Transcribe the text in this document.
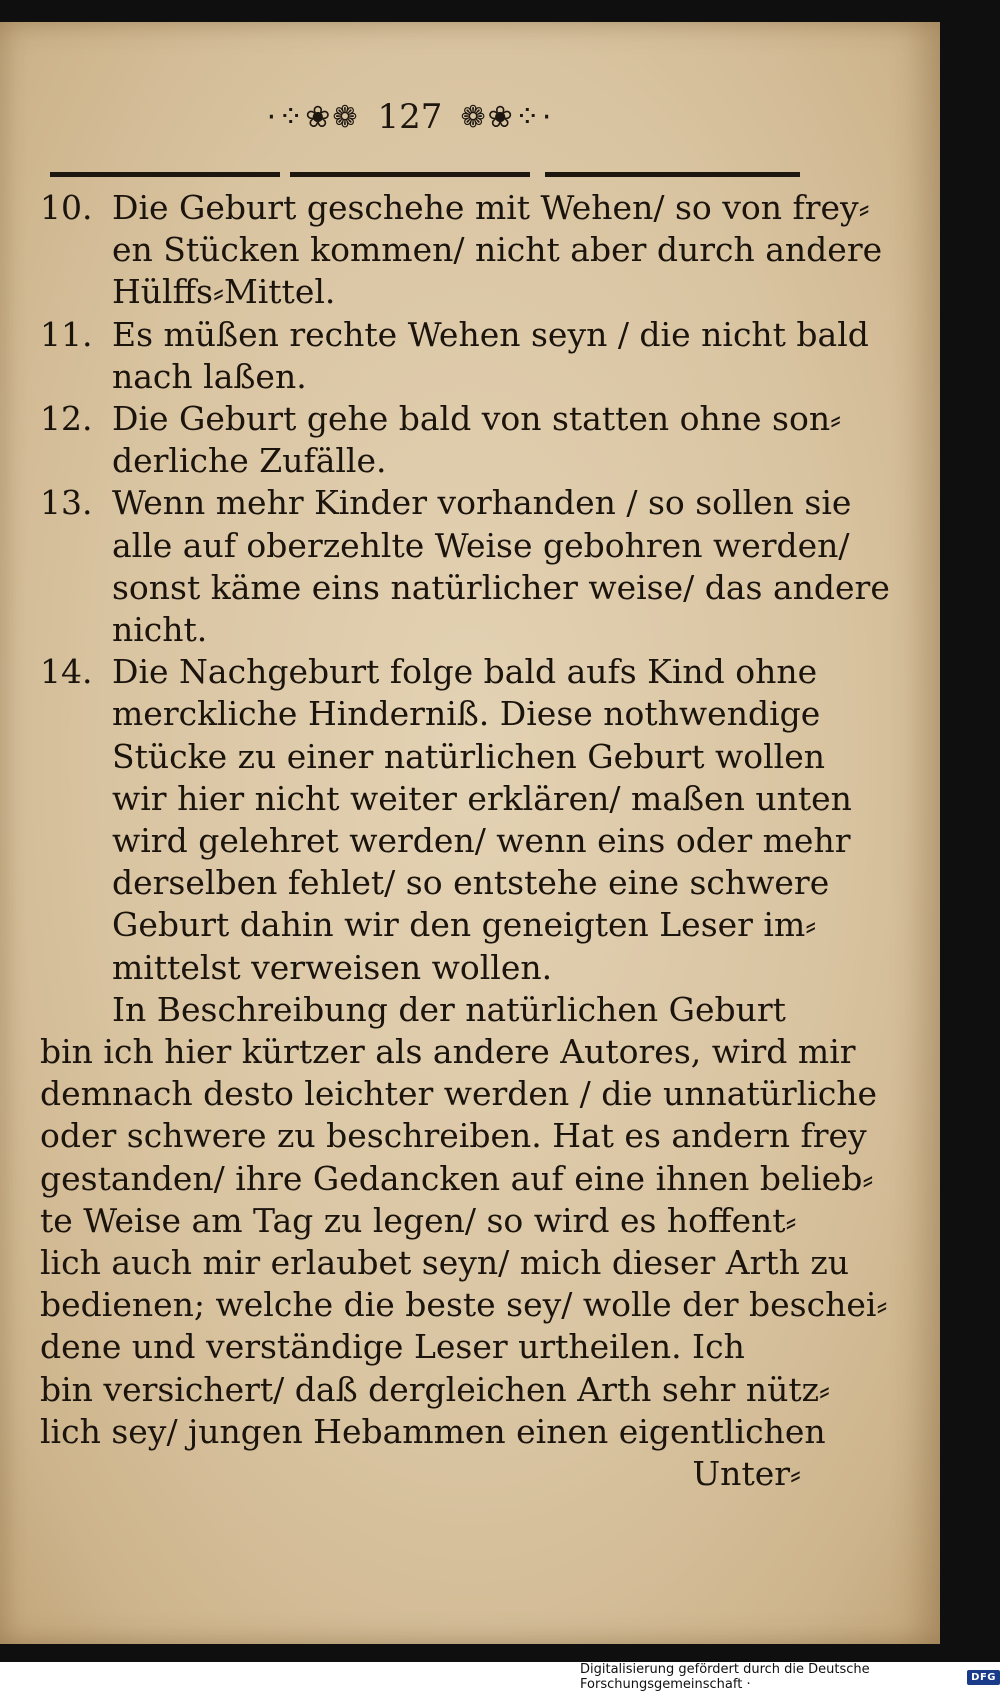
·⁘❀❁ 127 ❁❀⁘·
10. Die Geburt geschehe mit Wehen/ so von frey⸗
en Stücken kommen/ nicht aber durch andere
Hülffs⸗Mittel.
11. Es müßen rechte Wehen seyn / die nicht bald
nach laßen.
12. Die Geburt gehe bald von statten ohne son⸗
derliche Zufälle.
13. Wenn mehr Kinder vorhanden / so sollen sie
alle auf oberzehlte Weise gebohren werden/
sonst käme eins natürlicher weise/ das andere
nicht.
14. Die Nachgeburt folge bald aufs Kind ohne
merckliche Hinderniß. Diese nothwendige
Stücke zu einer natürlichen Geburt wollen
wir hier nicht weiter erklären/ maßen unten
wird gelehret werden/ wenn eins oder mehr
derselben fehlet/ so entstehe eine schwere
Geburt dahin wir den geneigten Leser im⸗
mittelst verweisen wollen.
In Beschreibung der natürlichen Geburt
bin ich hier kürtzer als andere Autores, wird mir
demnach desto leichter werden / die unnatürliche
oder schwere zu beschreiben. Hat es andern frey
gestanden/ ihre Gedancken auf eine ihnen belieb⸗
te Weise am Tag zu legen/ so wird es hoffent⸗
lich auch mir erlaubet seyn/ mich dieser Arth zu
bedienen; welche die beste sey/ wolle der beschei⸗
dene und verständige Leser urtheilen. Ich
bin versichert/ daß dergleichen Arth sehr nütz⸗
lich sey/ jungen Hebammen einen eigentlichen
Unter⸗
Digitalisierung gefördert durch die Deutsche Forschungsgemeinschaft ·	DFG
